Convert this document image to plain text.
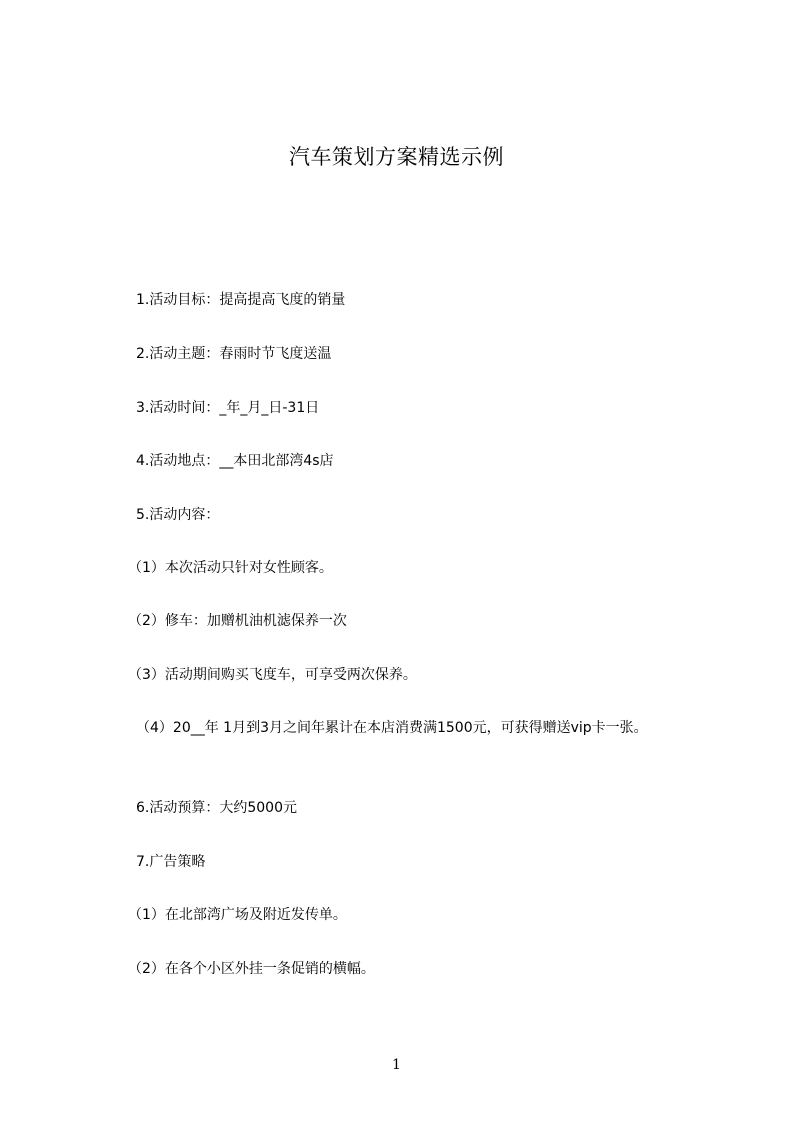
汽车策划方案精选示例
1.活动目标：提高提高飞度的销量
2.活动主题：春雨时节飞度送温
3.活动时间：_年_月_日-31日
4.活动地点：__本田北部湾4s店
5.活动内容：
（1）本次活动只针对女性顾客。
（2）修车：加赠机油机滤保养一次
（3）活动期间购买飞度车，可享受两次保养。
（4）20__年 1月到3月之间年累计在本店消费满1500元，可获得赠送vip卡一张。
6.活动预算：大约5000元
7.广告策略
（1）在北部湾广场及附近发传单。
（2）在各个小区外挂一条促销的横幅。
1
